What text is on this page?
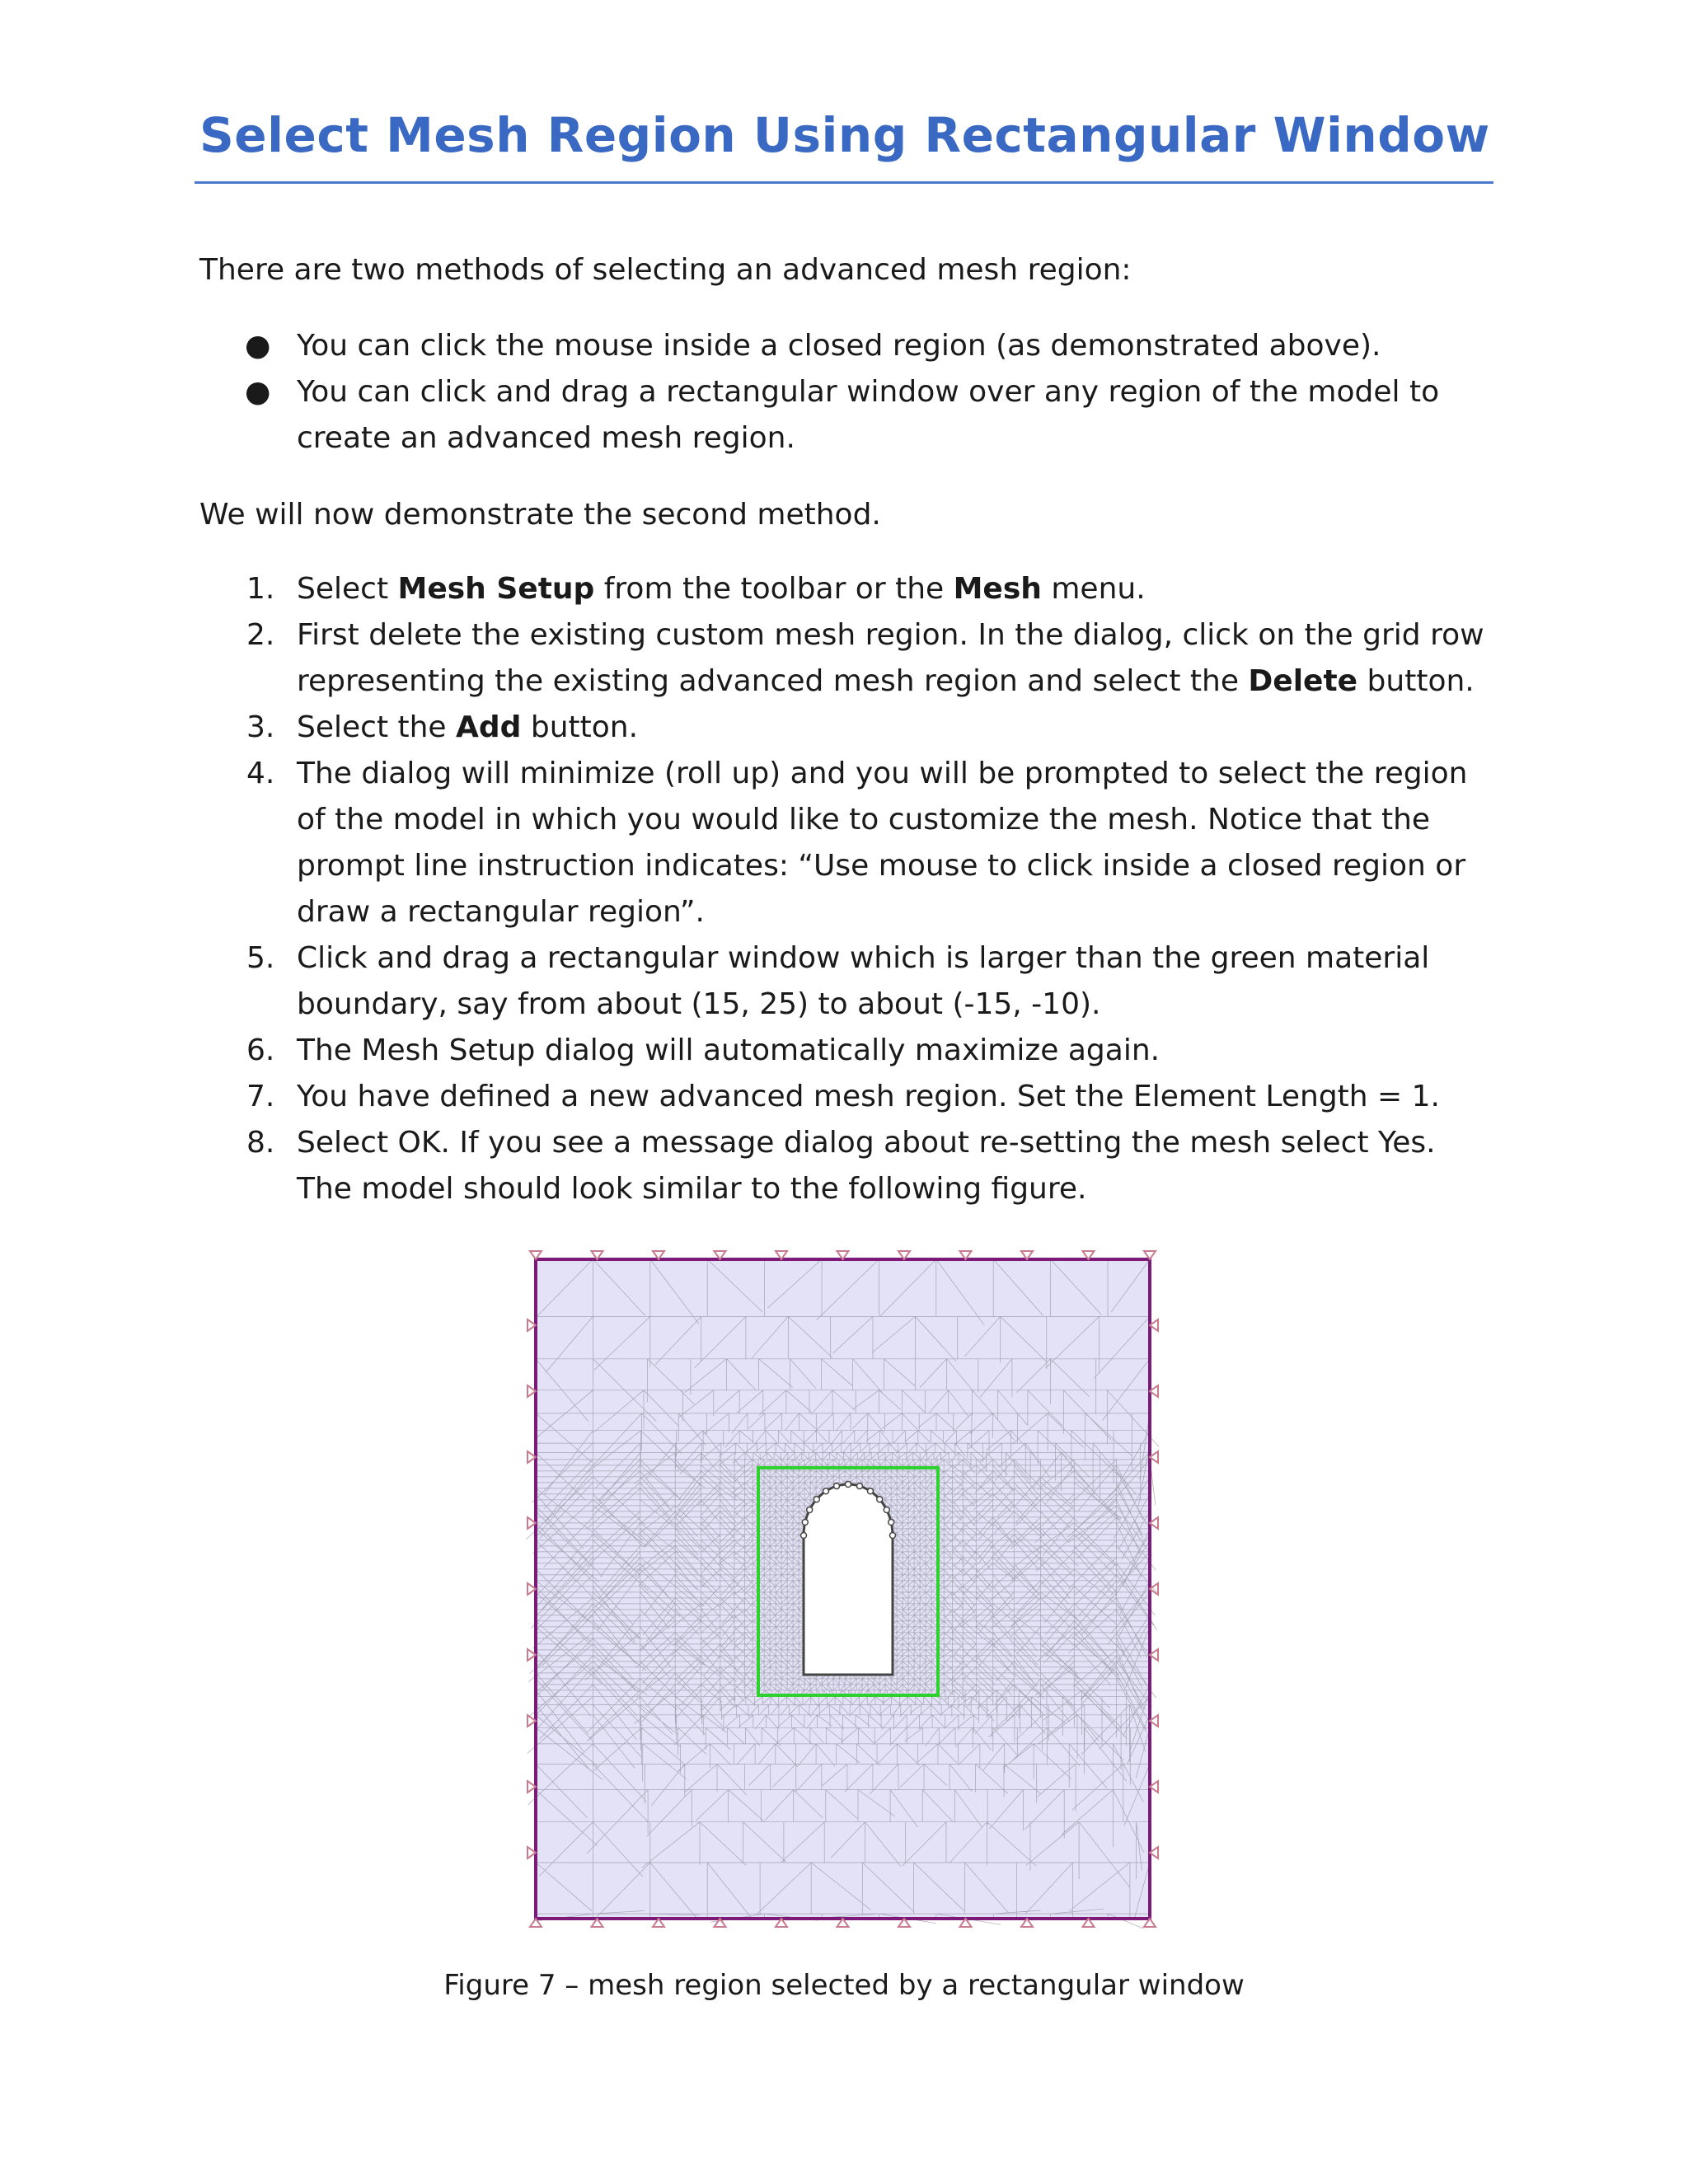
Select Mesh Region Using Rectangular Window

There are two methods of selecting an advanced mesh region:

● You can click the mouse inside a closed region (as demonstrated above).
● You can click and drag a rectangular window over any region of the model to create an advanced mesh region.

We will now demonstrate the second method.

1. Select Mesh Setup from the toolbar or the Mesh menu.
2. First delete the existing custom mesh region. In the dialog, click on the grid row representing the existing advanced mesh region and select the Delete button.
3. Select the Add button.
4. The dialog will minimize (roll up) and you will be prompted to select the region of the model in which you would like to customize the mesh. Notice that the prompt line instruction indicates: “Use mouse to click inside a closed region or draw a rectangular region”.
5. Click and drag a rectangular window which is larger than the green material boundary, say from about (15, 25) to about (-15, -10).
6. The Mesh Setup dialog will automatically maximize again.
7. You have defined a new advanced mesh region. Set the Element Length = 1.
8. Select OK. If you see a message dialog about re-setting the mesh select Yes. The model should look similar to the following figure.

Figure 7 – mesh region selected by a rectangular window
